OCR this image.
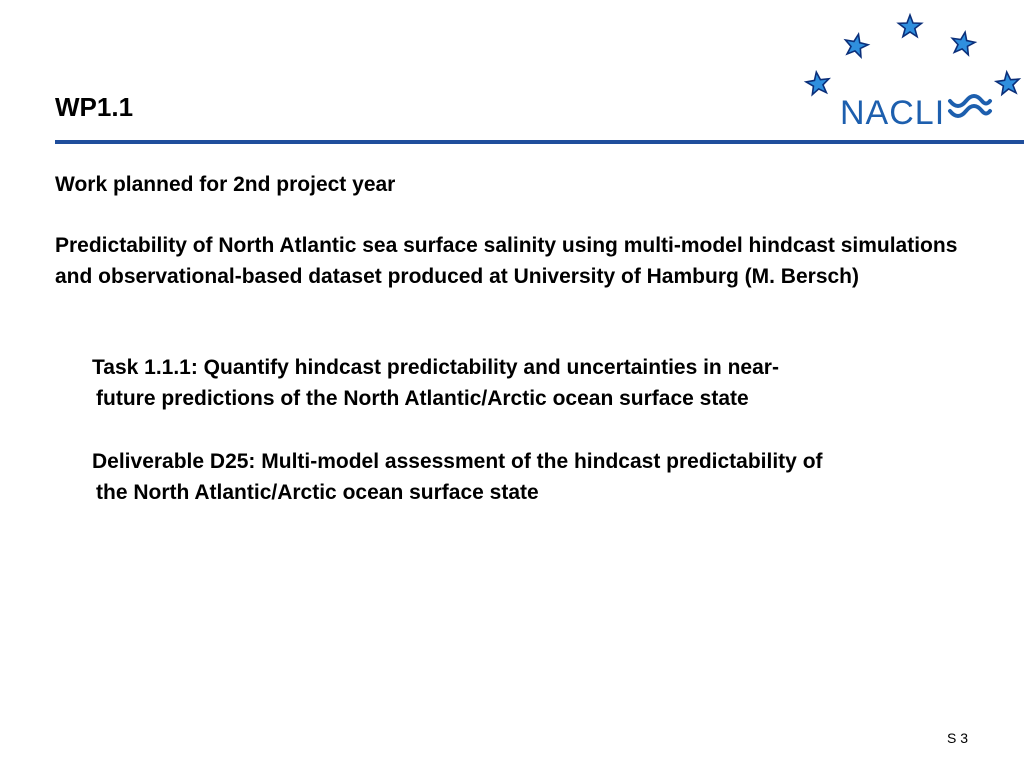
WP1.1	NACLI

Work planned for 2nd project year

Predictability of North Atlantic sea surface salinity using multi-model hindcast simulations and observational-based dataset produced at University of Hamburg (M. Bersch)

Task 1.1.1: Quantify hindcast predictability and uncertainties in near-
future predictions of the North Atlantic/Arctic ocean surface state

Deliverable D25: Multi-model assessment of the hindcast predictability of
the North Atlantic/Arctic ocean surface state

S 3
